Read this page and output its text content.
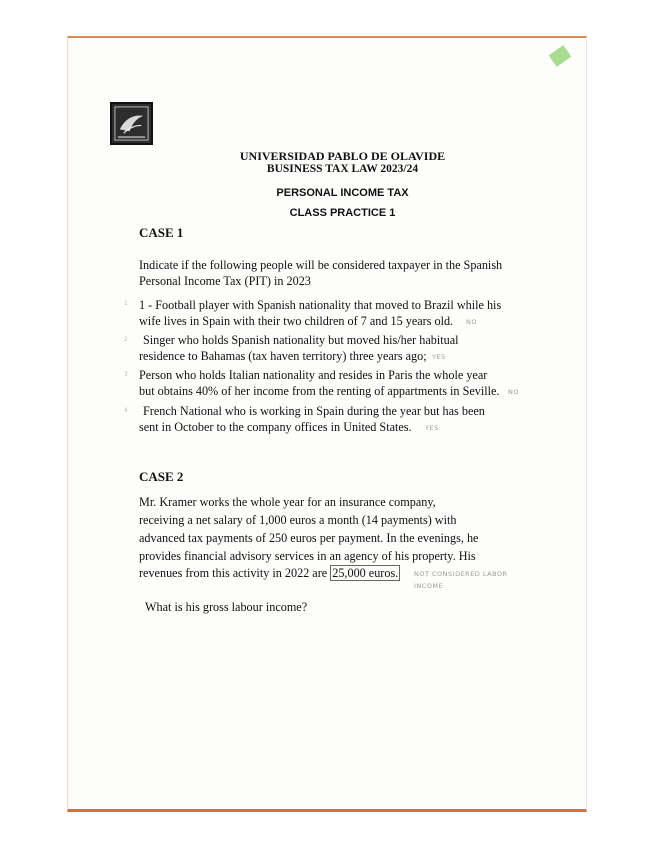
UNIVERSIDAD PABLO DE OLAVIDE
BUSINESS TAX LAW 2023/24
PERSONAL INCOME TAX
CLASS PRACTICE 1
CASE 1
Indicate if the following people will be considered taxpayer in the Spanish
Personal Income Tax (PIT) in 2023
1 1 - Football player with Spanish nationality that moved to Brazil while his
wife lives in Spain with their two children of 7 and 15 years old. NO
2 Singer who holds Spanish nationality but moved his/her habitual
residence to Bahamas (tax haven territory) three years ago; YES
3 Person who holds Italian nationality and resides in Paris the whole year
but obtains 40% of her income from the renting of appartments in Seville. NO
4 French National who is working in Spain during the year but has been
sent in October to the company offices in United States. YES
CASE 2
Mr. Kramer works the whole year for an insurance company,
receiving a net salary of 1,000 euros a month (14 payments) with
advanced tax payments of 250 euros per payment. In the evenings, he
provides financial advisory services in an agency of his property. His
revenues from this activity in 2022 are 25,000 euros.	NOT CONSIDERED LABOR
INCOME
What is his gross labour income?
